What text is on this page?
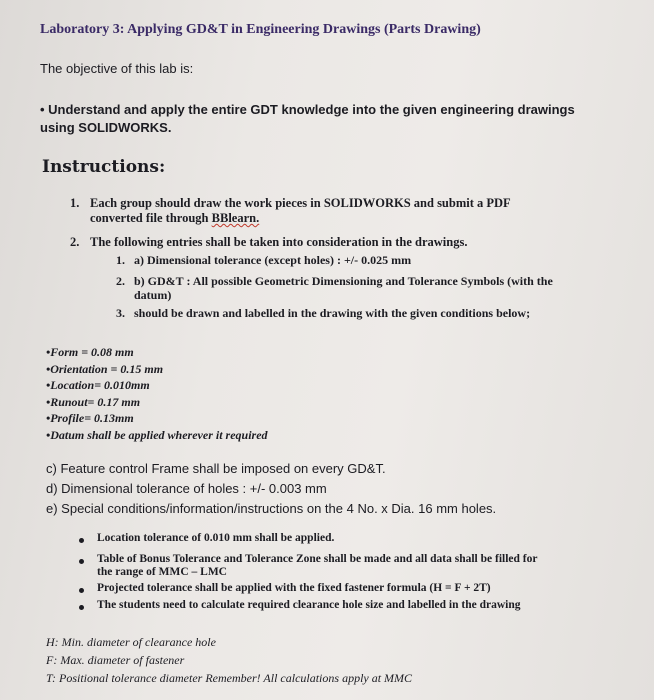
Laboratory 3: Applying GD&T in Engineering Drawings (Parts Drawing)
The objective of this lab is:
• Understand and apply the entire GDT knowledge into the given engineering drawings
using SOLIDWORKS.
Instructions:
1. Each group should draw the work pieces in SOLIDWORKS and submit a PDF
converted file through BBlearn.
2. The following entries shall be taken into consideration in the drawings.
1. a) Dimensional tolerance (except holes) : +/- 0.025 mm
2. b) GD&T : All possible Geometric Dimensioning and Tolerance Symbols (with the
datum)
3. should be drawn and labelled in the drawing with the given conditions below;
•Form = 0.08 mm
•Orientation = 0.15 mm
•Location= 0.010mm
•Runout= 0.17 mm
•Profile= 0.13mm
•Datum shall be applied wherever it required
c) Feature control Frame shall be imposed on every GD&T.
d) Dimensional tolerance of holes : +/- 0.003 mm
e) Special conditions/information/instructions on the 4 No. x Dia. 16 mm holes.
Location tolerance of 0.010 mm shall be applied.
Table of Bonus Tolerance and Tolerance Zone shall be made and all data shall be filled for
the range of MMC – LMC
Projected tolerance shall be applied with the fixed fastener formula (H = F + 2T)
The students need to calculate required clearance hole size and labelled in the drawing
H: Min. diameter of clearance hole
F: Max. diameter of fastener
T: Positional tolerance diameter Remember! All calculations apply at MMC
